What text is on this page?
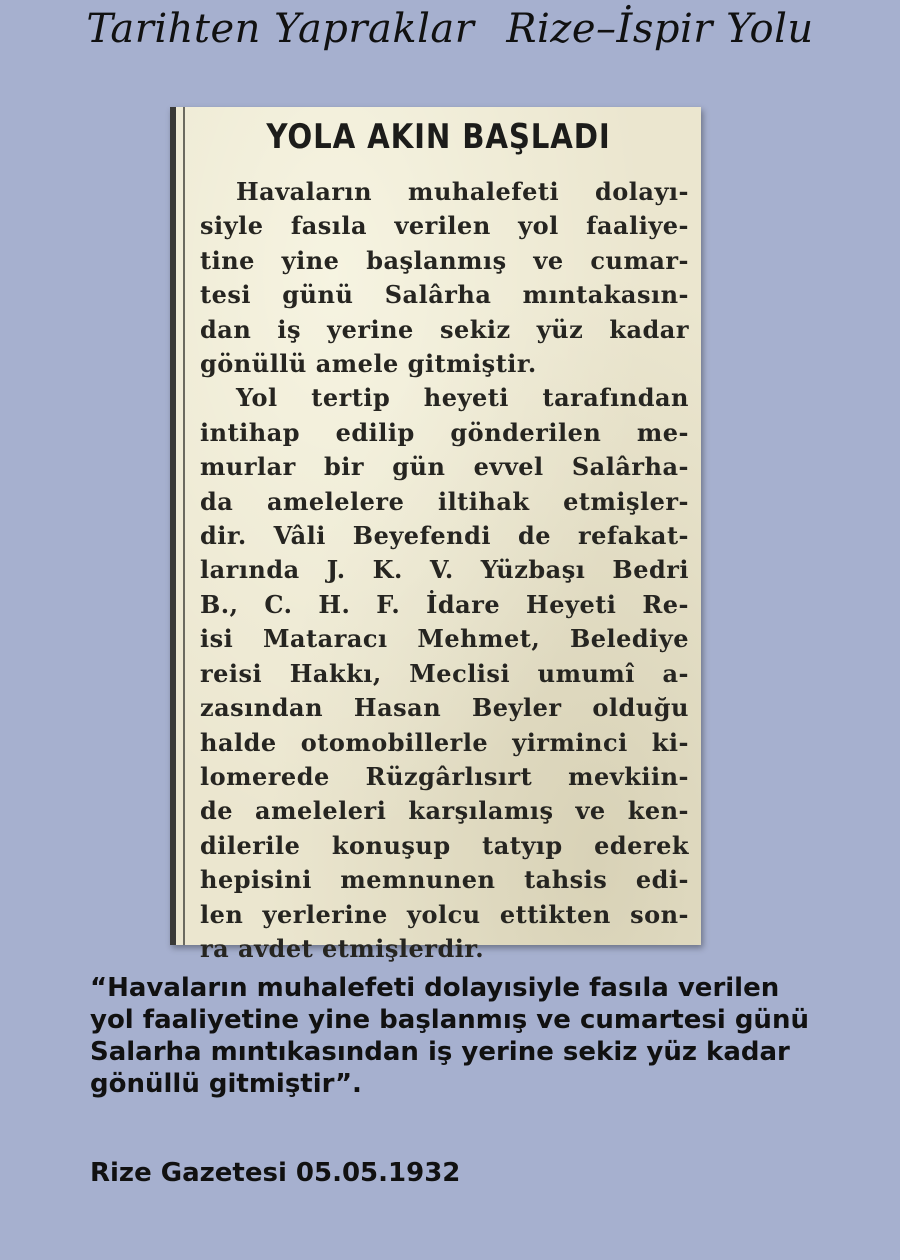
Tarihten Yapraklar Rize–İspir Yolu
YOLA AKIN BAŞLADI
Havaların muhalefeti dolayı-
siyle fasıla verilen yol faaliye-
tine yine başlanmış ve cumar-
tesi günü Salârha mıntakasın-
dan iş yerine sekiz yüz kadar
gönüllü amele gitmiştir.
Yol tertip heyeti tarafından
intihap edilip gönderilen me-
murlar bir gün evvel Salârha-
da amelelere iltihak etmişler-
dir. Vâli Beyefendi de refakat-
larında J. K. V. Yüzbaşı Bedri
B., C. H. F. İdare Heyeti Re-
isi Mataracı Mehmet, Belediye
reisi Hakkı, Meclisi umumî a-
zasından Hasan Beyler olduğu
halde otomobillerle yirminci ki-
lomerede Rüzgârlısırt mevkiin-
de ameleleri karşılamış ve ken-
dilerile konuşup tatyıp ederek
hepisini memnunen tahsis edi-
len yerlerine yolcu ettikten son-
ra avdet etmişlerdir.
“Havaların muhalefeti dolayısiyle fasıla verilen yol faaliyetine yine başlanmış ve cumartesi günü Salarha mıntıkasından iş yerine sekiz yüz kadar gönüllü gitmiştir”.
Rize Gazetesi 05.05.1932
